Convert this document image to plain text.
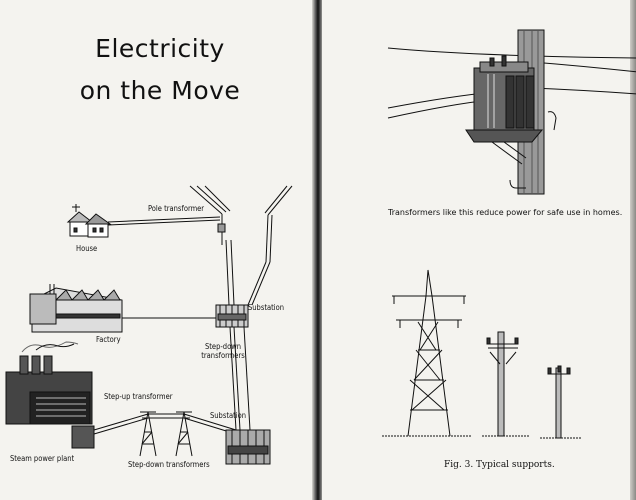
Electricity
on the Move
Pole transformer
House
Substation
Factory
Step-down
transformers
Step-up transformer
Substation
Steam power plant
Step-down transformers
Transformers like this reduce power for safe use in homes.
Fig. 3. Typical supports.
